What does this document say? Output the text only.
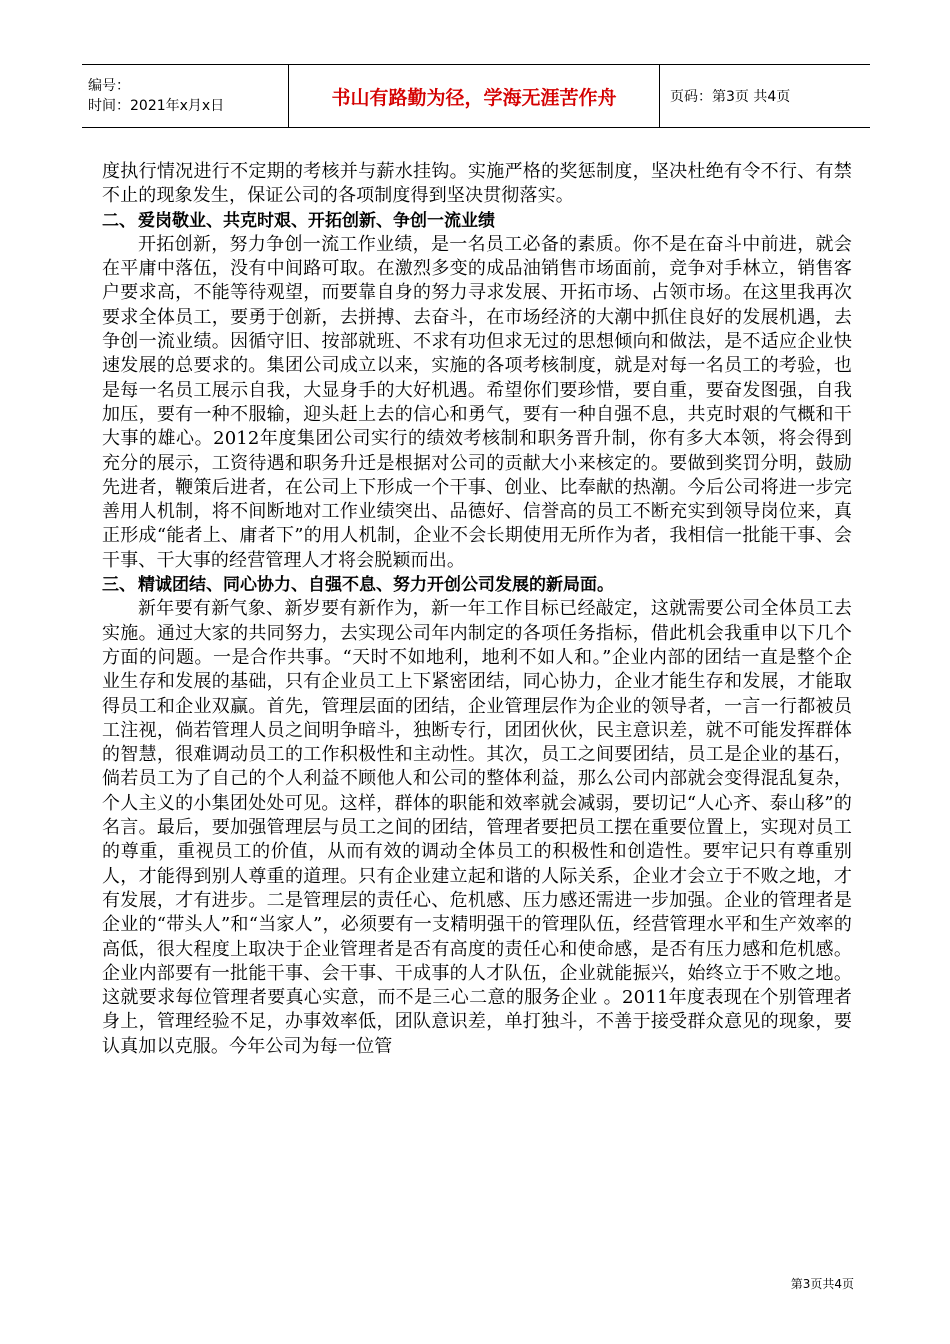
编号：
时间：2021年x月x日	书山有路勤为径，学海无涯苦作舟	页码：第3页 共4页

度执行情况进行不定期的考核并与薪水挂钩。实施严格的奖惩制度，坚决杜绝有令不行、有禁不止的现象发生，保证公司的各项制度得到坚决贯彻落实。

二、 爱岗敬业、共克时艰、开拓创新、争创一流业绩

开拓创新，努力争创一流工作业绩，是一名员工必备的素质。你不是在奋斗中前进，就会在平庸中落伍，没有中间路可取。在激烈多变的成品油销售市场面前，竞争对手林立，销售客户要求高，不能等待观望，而要靠自身的努力寻求发展、开拓市场、占领市场。在这里我再次要求全体员工，要勇于创新，去拼搏、去奋斗，在市场经济的大潮中抓住良好的发展机遇，去争创一流业绩。因循守旧、按部就班、不求有功但求无过的思想倾向和做法，是不适应企业快速发展的总要求的。集团公司成立以来，实施的各项考核制度，就是对每一名员工的考验，也是每一名员工展示自我，大显身手的大好机遇。希望你们要珍惜，要自重，要奋发图强，自我加压，要有一种不服输，迎头赶上去的信心和勇气，要有一种自强不息，共克时艰的气概和干大事的雄心。2012年度集团公司实行的绩效考核制和职务晋升制，你有多大本领，将会得到充分的展示，工资待遇和职务升迁是根据对公司的贡献大小来核定的。要做到奖罚分明，鼓励先进者，鞭策后进者，在公司上下形成一个干事、创业、比奉献的热潮。今后公司将进一步完善用人机制，将不间断地对工作业绩突出、品德好、信誉高的员工不断充实到领导岗位来，真正形成“能者上、庸者下”的用人机制，企业不会长期使用无所作为者，我相信一批能干事、会干事、干大事的经营管理人才将会脱颖而出。

三、 精诚团结、同心协力、自强不息、努力开创公司发展的新局面。

新年要有新气象、新岁要有新作为，新一年工作目标已经敲定，这就需要公司全体员工去实施。通过大家的共同努力，去实现公司年内制定的各项任务指标，借此机会我重申以下几个方面的问题。一是合作共事。“天时不如地利，地利不如人和。”企业内部的团结一直是整个企业生存和发展的基础，只有企业员工上下紧密团结，同心协力，企业才能生存和发展，才能取得员工和企业双赢。首先，管理层面的团结，企业管理层作为企业的领导者，一言一行都被员工注视，倘若管理人员之间明争暗斗，独断专行，团团伙伙，民主意识差，就不可能发挥群体的智慧，很难调动员工的工作积极性和主动性。其次，员工之间要团结，员工是企业的基石，倘若员工为了自己的个人利益不顾他人和公司的整体利益，那么公司内部就会变得混乱复杂，个人主义的小集团处处可见。这样，群体的职能和效率就会减弱，要切记“人心齐、泰山移”的名言。最后，要加强管理层与员工之间的团结，管理者要把员工摆在重要位置上，实现对员工的尊重，重视员工的价值，从而有效的调动全体员工的积极性和创造性。要牢记只有尊重别人，才能得到别人尊重的道理。只有企业建立起和谐的人际关系，企业才会立于不败之地，才有发展，才有进步。二是管理层的责任心、危机感、压力感还需进一步加强。企业的管理者是企业的“带头人”和“当家人”，必须要有一支精明强干的管理队伍，经营管理水平和生产效率的高低，很大程度上取决于企业管理者是否有高度的责任心和使命感，是否有压力感和危机感。企业内部要有一批能干事、会干事、干成事的人才队伍，企业就能振兴，始终立于不败之地。这就要求每位管理者要真心实意，而不是三心二意的服务企业 。2011年度表现在个别管理者身上，管理经验不足，办事效率低，团队意识差，单打独斗，不善于接受群众意见的现象，要认真加以克服。今年公司为每一位管

第3页共4页
